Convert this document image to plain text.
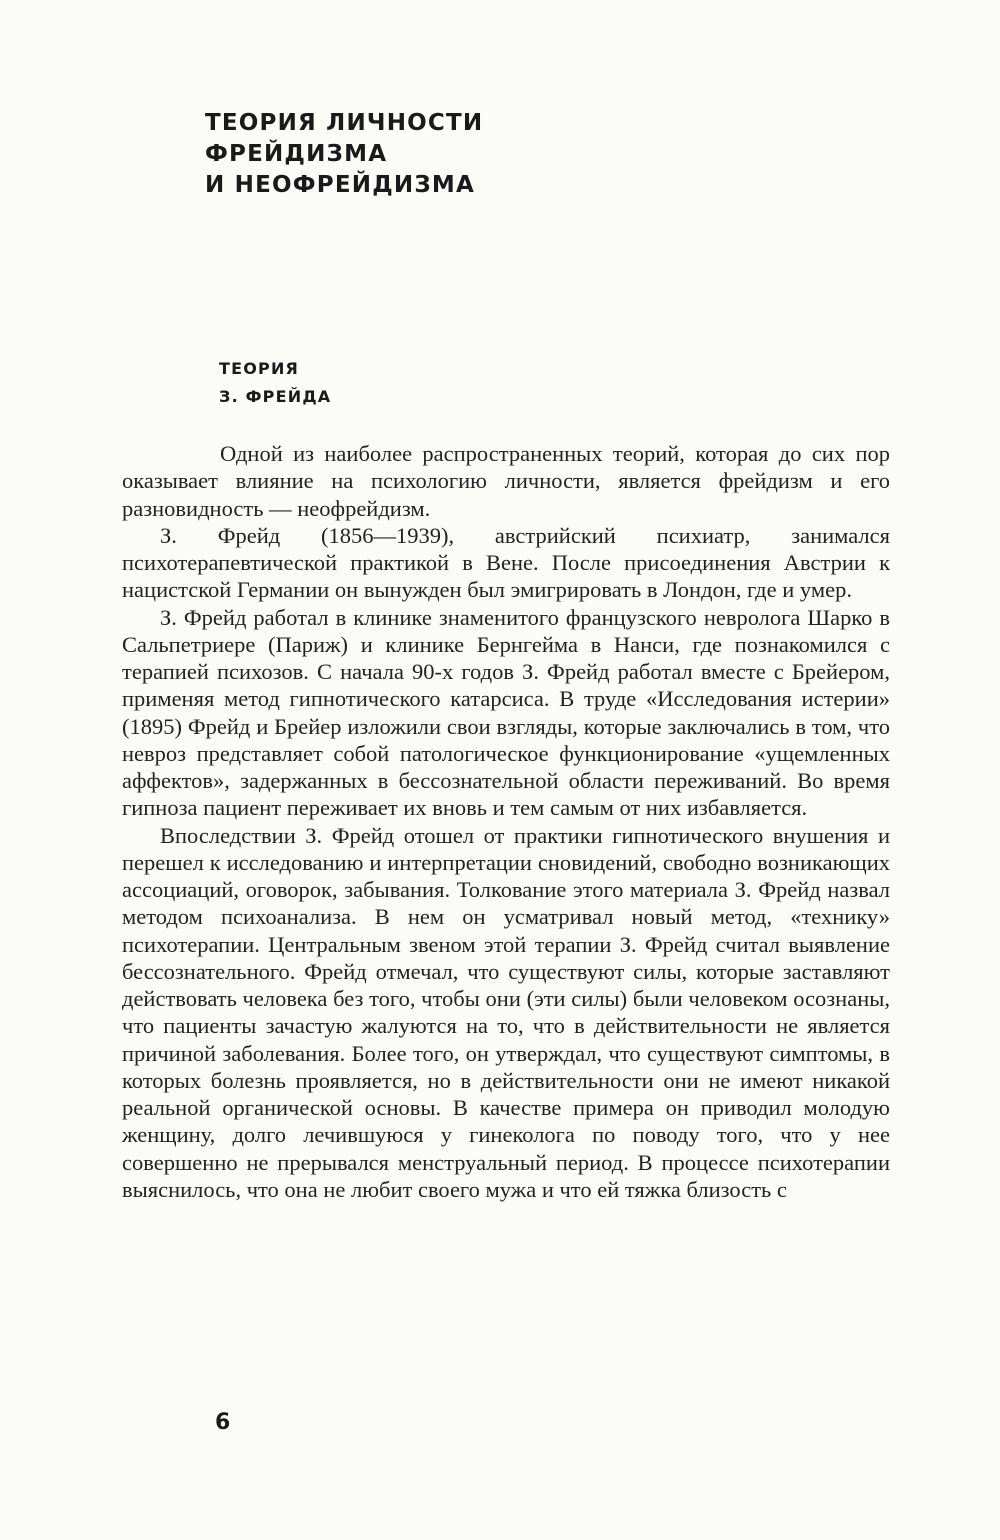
ТЕОРИЯ ЛИЧНОСТИ
ФРЕЙДИЗМА
И НЕОФРЕЙДИЗМА
ТЕОРИЯ
З. ФРЕЙДА

Одной из наиболее распространенных теорий, которая до сих пор оказывает влияние на психологию личности, является фрейдизм и его разновидность — неофрейдизм.

З. Фрейд (1856—1939), австрийский психиатр, занимался психотерапевтической практикой в Вене. После присоединения Австрии к нацистской Германии он вынужден был эмигрировать в Лондон, где и умер.

З. Фрейд работал в клинике знаменитого французского невролога Шарко в Сальпетриере (Париж) и клинике Бернгейма в Нанси, где познакомился с терапией психозов. С начала 90-х годов З. Фрейд работал вместе с Брейером, применяя метод гипнотического катарсиса. В труде «Исследования истерии» (1895) Фрейд и Брейер изложили свои взгляды, которые заключались в том, что невроз представляет собой патологическое функционирование «ущемленных аффектов», задержанных в бессознательной области переживаний. Во время гипноза пациент переживает их вновь и тем самым от них избавляется.

Впоследствии З. Фрейд отошел от практики гипнотического внушения и перешел к исследованию и интерпретации сновидений, свободно возникающих ассоциаций, оговорок, забывания. Толкование этого материала З. Фрейд назвал методом психоанализа. В нем он усматривал новый метод, «технику» психотерапии. Центральным звеном этой терапии З. Фрейд считал выявление бессознательного. Фрейд отмечал, что существуют силы, которые заставляют действовать человека без того, чтобы они (эти силы) были человеком осознаны, что пациенты зачастую жалуются на то, что в действительности не является причиной заболевания. Более того, он утверждал, что существуют симптомы, в которых болезнь проявляется, но в действительности они не имеют никакой реальной органической основы. В качестве примера он приводил молодую женщину, долго лечившуюся у гинеколога по поводу того, что у нее совершенно не прерывался менструальный период. В процессе психотерапии выяснилось, что она не любит своего мужа и что ей тяжка близость с

6
